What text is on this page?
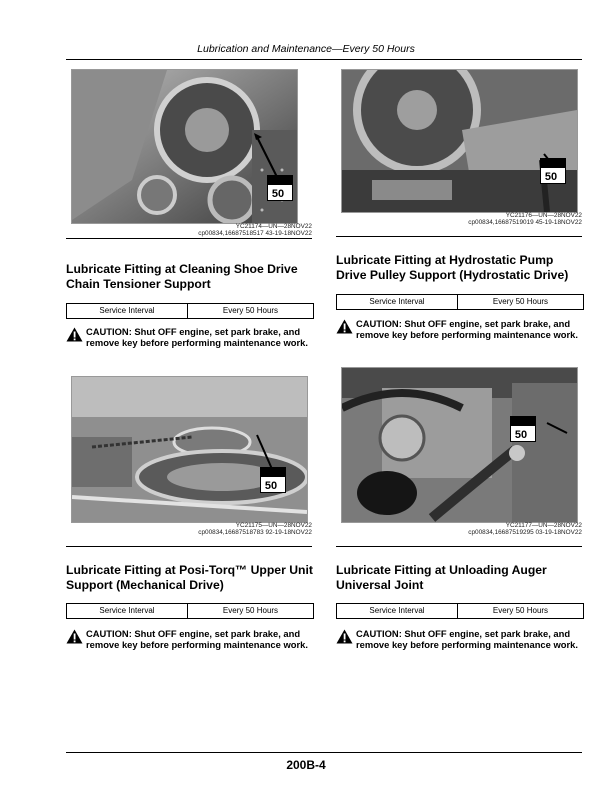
Lubrication and Maintenance—Every 50 Hours
50
YC21174—UN—28NOV22
cp00834,16687518517 43-19-18NOV22
50
YC21176—UN—28NOV22
cp00834,16687519019 45-19-18NOV22
Lubricate Fitting at Cleaning Shoe Drive Chain Tensioner Support
Service Interval	Every 50 Hours
CAUTION: Shut OFF engine, set park brake, and remove key before performing maintenance work.
Lubricate Fitting at Hydrostatic Pump Drive Pulley Support (Hydrostatic Drive)
Service Interval	Every 50 Hours
CAUTION: Shut OFF engine, set park brake, and remove key before performing maintenance work.
50
YC21175—UN—28NOV22
cp00834,16687518783 92-19-18NOV22
50
YC21177—UN—28NOV22
cp00834,16687519295 03-19-18NOV22
Lubricate Fitting at Posi-Torq™ Upper Unit Support (Mechanical Drive)
Service Interval	Every 50 Hours
CAUTION: Shut OFF engine, set park brake, and remove key before performing maintenance work.
Lubricate Fitting at Unloading Auger Universal Joint
Service Interval	Every 50 Hours
CAUTION: Shut OFF engine, set park brake, and remove key before performing maintenance work.
200B-4
